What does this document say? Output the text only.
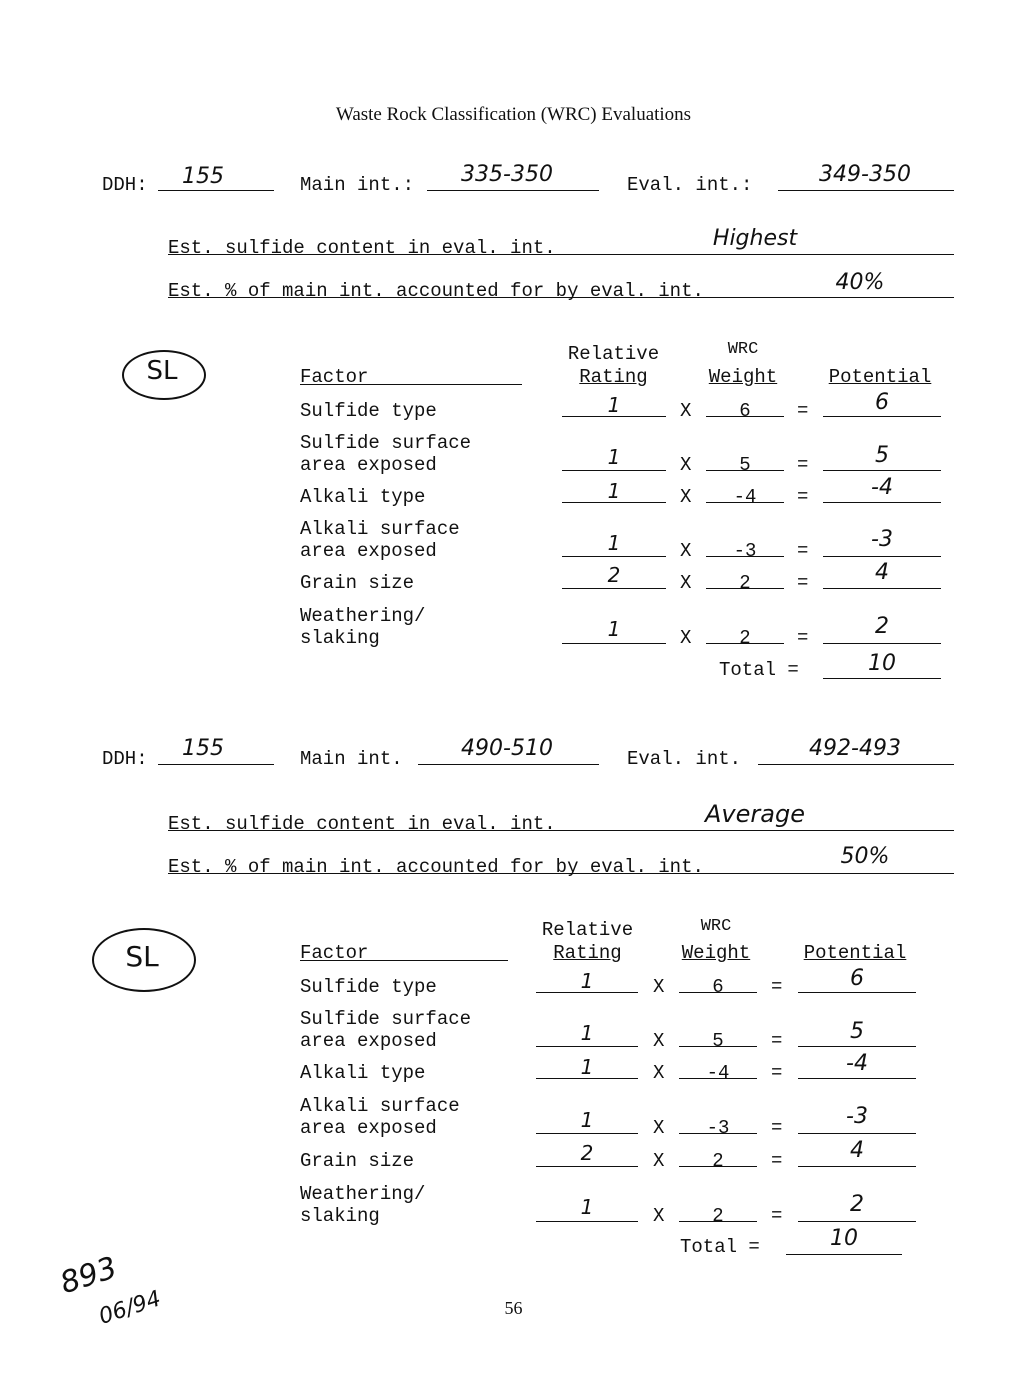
Waste Rock Classification (WRC) Evaluations
DDH:	155	Main int.:	335-350	Eval. int.:	349-350
Est. sulfide content in eval. int.	Highest
Est. % of main int. accounted for by eval. int.	40%
SL	Factor
Relative
Rating
WRC
Weight	Potential
Sulfide type	1	X	6	=	6
Sulfide surface
area exposed	1	X	5	=	5
Alkali type	1	X	-4	=	-4
Alkali surface
area exposed	1	X	-3	=	-3
Grain size	2	X	2	=	4
Weathering/
slaking	1	X	2	=	2
Total =	10
DDH:	155	Main int.	490-510	Eval. int.	492-493
Est. sulfide content in eval. int.	Average
Est. % of main int. accounted for by eval. int.	50%
SL	Factor
Relative
Rating
WRC
Weight	Potential
Sulfide type	1	X	6	=	6
Sulfide surface
area exposed	1	X	5	=	5
Alkali type	1	X	-4	=	-4
Alkali surface
area exposed	1	X	-3	=	-3
Grain size	2	X	2	=	4
Weathering/
slaking	1	X	2	=	2
Total =	10
893
06/94	56
